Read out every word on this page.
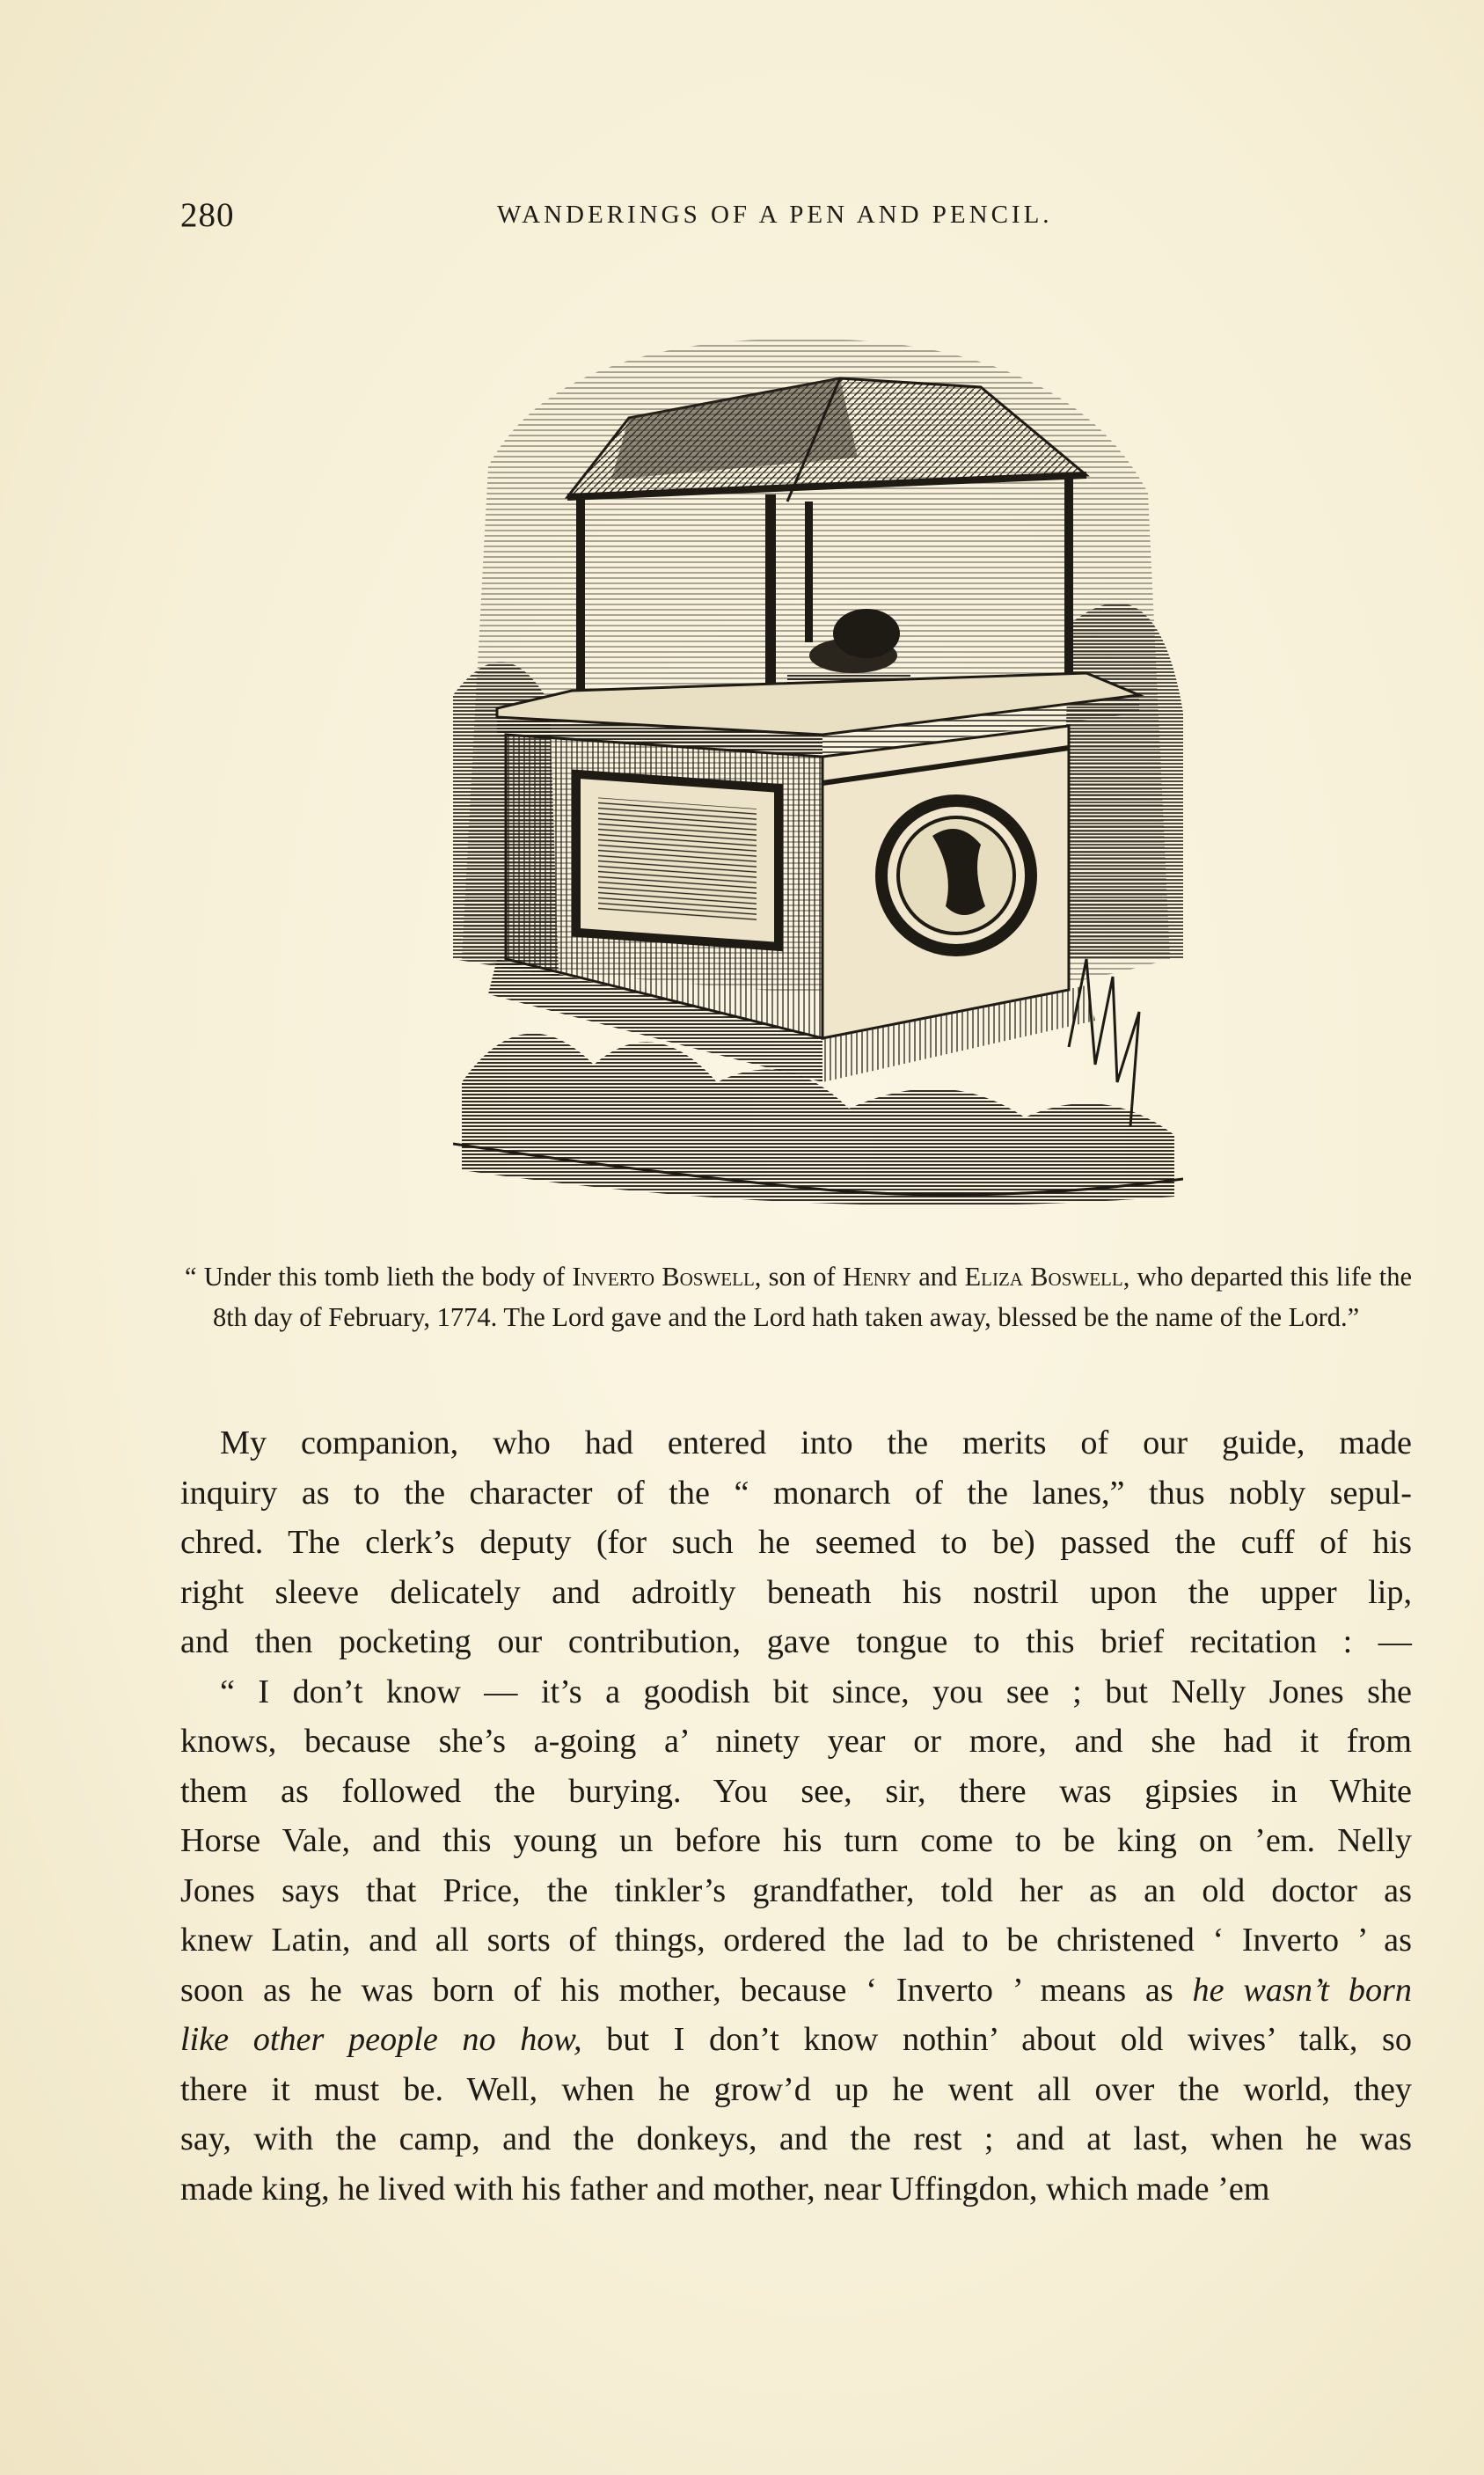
280	WANDERINGS OF A PEN AND PENCIL.

“ Under this tomb lieth the body of Inverto Boswell, son of Henry and Eliza Boswell, who departed this life the 8th day of February, 1774. The Lord gave and the Lord hath taken away, blessed be the name of the Lord.”

My companion, who had entered into the merits of our guide, made
inquiry as to the character of the “ monarch of the lanes,” thus nobly sepul-
chred. The clerk’s deputy (for such he seemed to be) passed the cuff of his
right sleeve delicately and adroitly beneath his nostril upon the upper lip,
and then pocketing our contribution, gave tongue to this brief recitation : —
“ I don’t know — it’s a goodish bit since, you see ; but Nelly Jones she
knows, because she’s a-going a’ ninety year or more, and she had it from
them as followed the burying. You see, sir, there was gipsies in White
Horse Vale, and this young un before his turn come to be king on ’em. Nelly
Jones says that Price, the tinkler’s grandfather, told her as an old doctor as
knew Latin, and all sorts of things, ordered the lad to be christened ‘ Inverto ’ as
soon as he was born of his mother, because ‘ Inverto ’ means as he wasn’t born
like other people no how, but I don’t know nothin’ about old wives’ talk, so
there it must be. Well, when he grow’d up he went all over the world, they
say, with the camp, and the donkeys, and the rest ; and at last, when he was
made king, he lived with his father and mother, near Uffingdon, which made ’em
